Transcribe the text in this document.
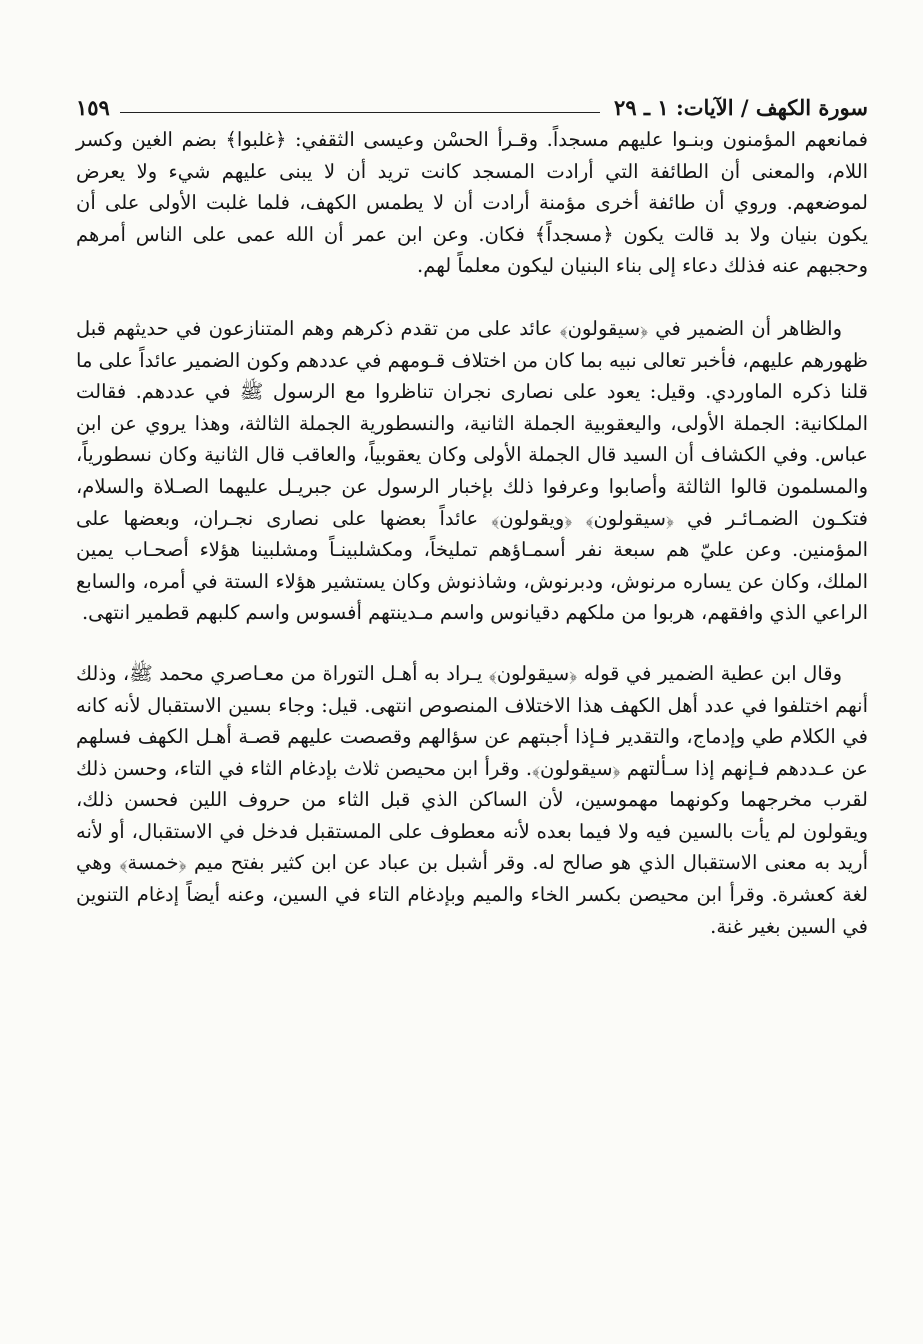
سورة الكهف / الآيات: ١ ـ ٢٩
١٥٩

فمانعهم المؤمنون وبنـوا عليهم مسجداً. وقـرأ الحسْن وعيسى الثقفي: ﴿غلبوا﴾ بضم الغين وكسر اللام، والمعنى أن الطائفة التي أرادت المسجد كانت تريد أن لا يبنى عليهم شيء ولا يعرض لموضعهم. وروي أن طائفة أخرى مؤمنة أرادت أن لا يطمس الكهف، فلما غلبت الأولى على أن يكون بنيان ولا بد قالت يكون ﴿مسجداً﴾ فكان. وعن ابن عمر أن الله عمى على الناس أمرهم وحجبهم عنه فذلك دعاء إلى بناء البنيان ليكون معلماً لهم.

والظاهر أن الضمير في ﴿سيقولون﴾ عائد على من تقدم ذكرهم وهم المتنازعون في حديثهم قبل ظهورهم عليهم، فأخبر تعالى نبيه بما كان من اختلاف قـومهم في عددهم وكون الضمير عائداً على ما قلنا ذكره الماوردي. وقيل: يعود على نصارى نجران تناظروا مع الرسول ﷺ في عددهم. فقالت الملكانية: الجملة الأولى، واليعقوبية الجملة الثانية، والنسطورية الجملة الثالثة، وهذا يروي عن ابن عباس. وفي الكشاف أن السيد قال الجملة الأولى وكان يعقوبياً، والعاقب قال الثانية وكان نسطورياً، والمسلمون قالوا الثالثة وأصابوا وعرفوا ذلك بإخبار الرسول عن جبريـل عليهما الصـلاة والسلام، فتكـون الضمـائـر في ﴿سيقولون﴾ ﴿ويقولون﴾ عائداً بعضها على نصارى نجـران، وبعضها على المؤمنين. وعن عليّ هم سبعة نفر أسمـاؤهم تمليخاً، ومكشلبينـاً ومشلبينا هؤلاء أصحـاب يمين الملك، وكان عن يساره مرنوش، ودبرنوش، وشاذنوش وكان يستشير هؤلاء الستة في أمره، والسابع الراعي الذي وافقهم، هربوا من ملكهم دقيانوس واسم مـدينتهم أفسوس واسم كلبهم قطمير انتهى.

وقال ابن عطية الضمير في قوله ﴿سيقولون﴾ يـراد به أهـل التوراة من معـاصري محمد ﷺ، وذلك أنهم اختلفوا في عدد أهل الكهف هذا الاختلاف المنصوص انتهى. قيل: وجاء بسين الاستقبال لأنه كانه في الكلام طي وإدماج، والتقدير فـإذا أجبتهم عن سؤالهم وقصصت عليهم قصـة أهـل الكهف فسلهم عن عـددهم فـإنهم إذا سـألتهم ﴿سيقولون﴾. وقرأ ابن محيصن ثلاث بإدغام الثاء في التاء، وحسن ذلك لقرب مخرجهما وكونهما مهموسين، لأن الساكن الذي قبل الثاء من حروف اللين فحسن ذلك، ويقولون لم يأت بالسين فيه ولا فيما بعده لأنه معطوف على المستقبل فدخل في الاستقبال، أو لأنه أريد به معنى الاستقبال الذي هو صالح له. وقر أشبل بن عباد عن ابن كثير بفتح ميم ﴿خمسة﴾ وهي لغة كعشرة. وقرأ ابن محيصن بكسر الخاء والميم وبإدغام التاء في السين، وعنه أيضاً إدغام التنوين في السين بغير غنة.
